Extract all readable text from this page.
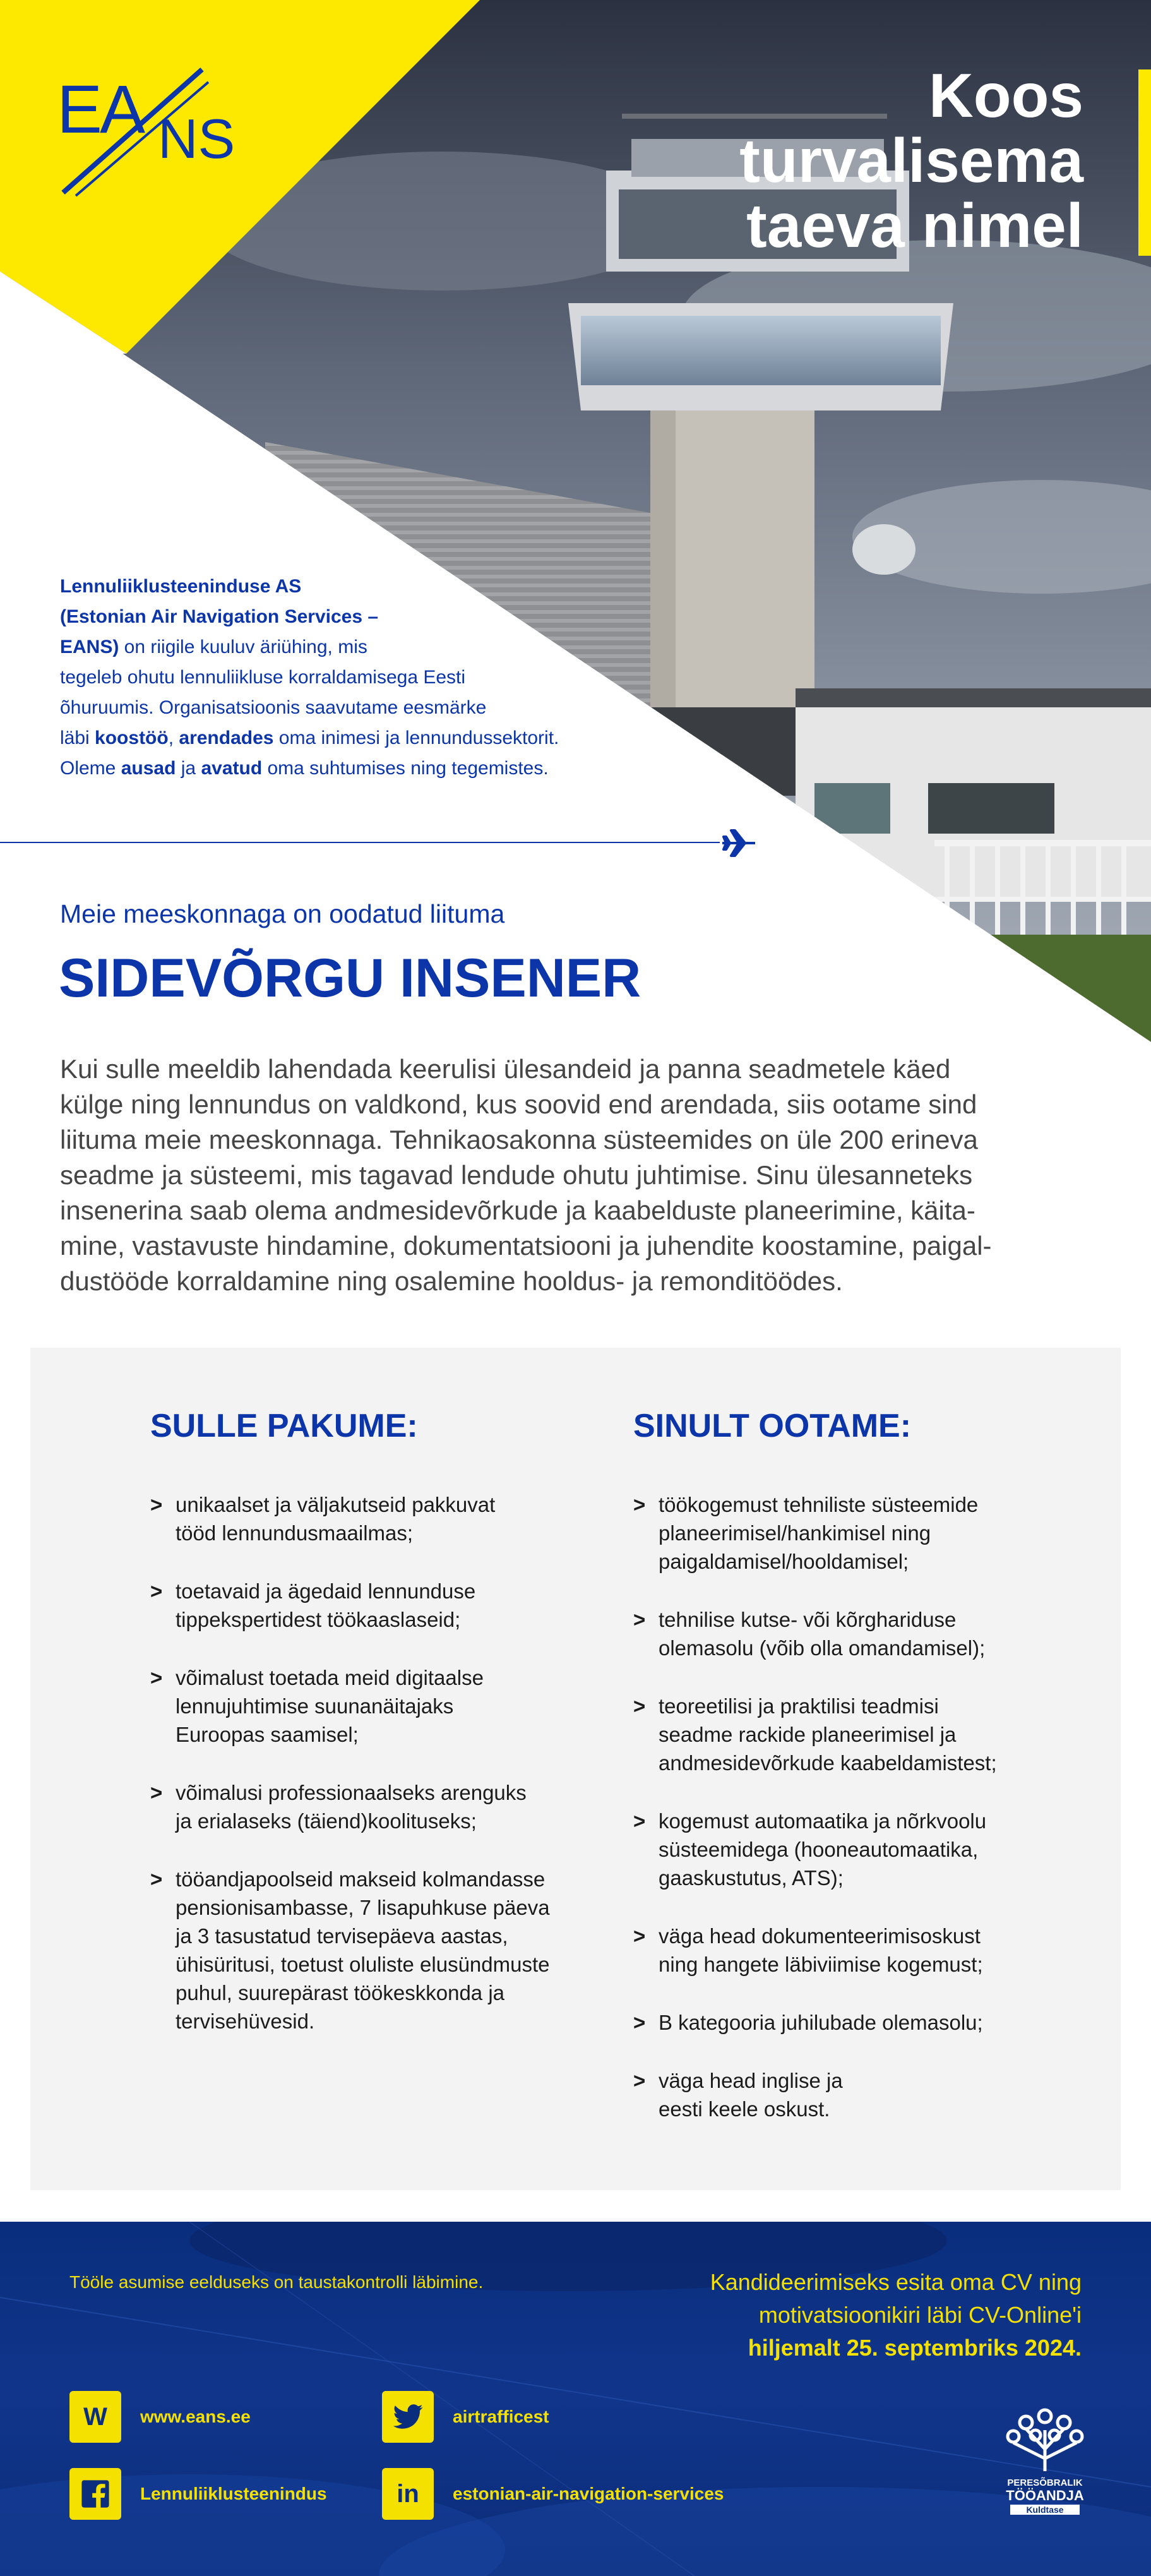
EA NS
Koos
turvalisema
taeva nimel
Lennuliiklusteeninduse AS
(Estonian Air Navigation Services –
EANS) on riigile kuuluv äriühing, mis
tegeleb ohutu lennuliikluse korraldamisega Eesti
õhuruumis. Organisatsioonis saavutame eesmärke
läbi koostöö, arendades oma inimesi ja lennundussektorit.
Oleme ausad ja avatud oma suhtumises ning tegemistes.
Meie meeskonnaga on oodatud liituma
SIDEVÕRGU INSENER
Kui sulle meeldib lahendada keerulisi ülesandeid ja panna seadmetele käed
külge ning lennundus on valdkond, kus soovid end arendada, siis ootame sind
liituma meie meeskonnaga. Tehnikaosakonna süsteemides on üle 200 erineva
seadme ja süsteemi, mis tagavad lendude ohutu juhtimise. Sinu ülesanneteks
insenerina saab olema andmesidevõrkude ja kaabelduste planeerimine, käita-
mine, vastavuste hindamine, dokumentatsiooni ja juhendite koostamine, paigal-
dustööde korraldamine ning osalemine hooldus- ja remonditöödes.
SULLE PAKUME:
> unikaalset ja väljakutseid pakkuvat
tööd lennundusmaailmas;
> toetavaid ja ägedaid lennunduse
tippekspertidest töökaaslaseid;
> võimalust toetada meid digitaalse
lennujuhtimise suunanäitajaks
Euroopas saamisel;
> võimalusi professionaalseks arenguks
ja erialaseks (täiend)koolituseks;
> tööandjapoolseid makseid kolmandasse
pensionisambasse, 7 lisapuhkuse päeva
ja 3 tasustatud tervisepäeva aastas,
ühisüritusi, toetust oluliste elusündmuste
puhul, suurepärast töökeskkonda ja
tervisehüvesid.
SINULT OOTAME:
> töökogemust tehniliste süsteemide
planeerimisel/hankimisel ning
paigaldamisel/hooldamisel;
> tehnilise kutse- või kõrghariduse
olemasolu (võib olla omandamisel);
> teoreetilisi ja praktilisi teadmisi
seadme rackide planeerimisel ja
andmesidevõrkude kaabeldamistest;
> kogemust automaatika ja nõrkvoolu
süsteemidega (hooneautomaatika,
gaaskustutus, ATS);
> väga head dokumenteerimisoskust
ning hangete läbiviimise kogemust;
> B kategooria juhilubade olemasolu;
> väga head inglise ja
eesti keele oskust.
Tööle asumise eelduseks on taustakontrolli läbimine.	Kandideerimiseks esita oma CV ning
motivatsioonikiri läbi CV-Online'i
hiljemalt 25. septembriks 2024.
W www.eans.ee	airtrafficest
Lennuliiklusteenindus	in estonian-air-navigation-services
PERESÕBRALIK
TÖÖANDJA
Kuldtase
